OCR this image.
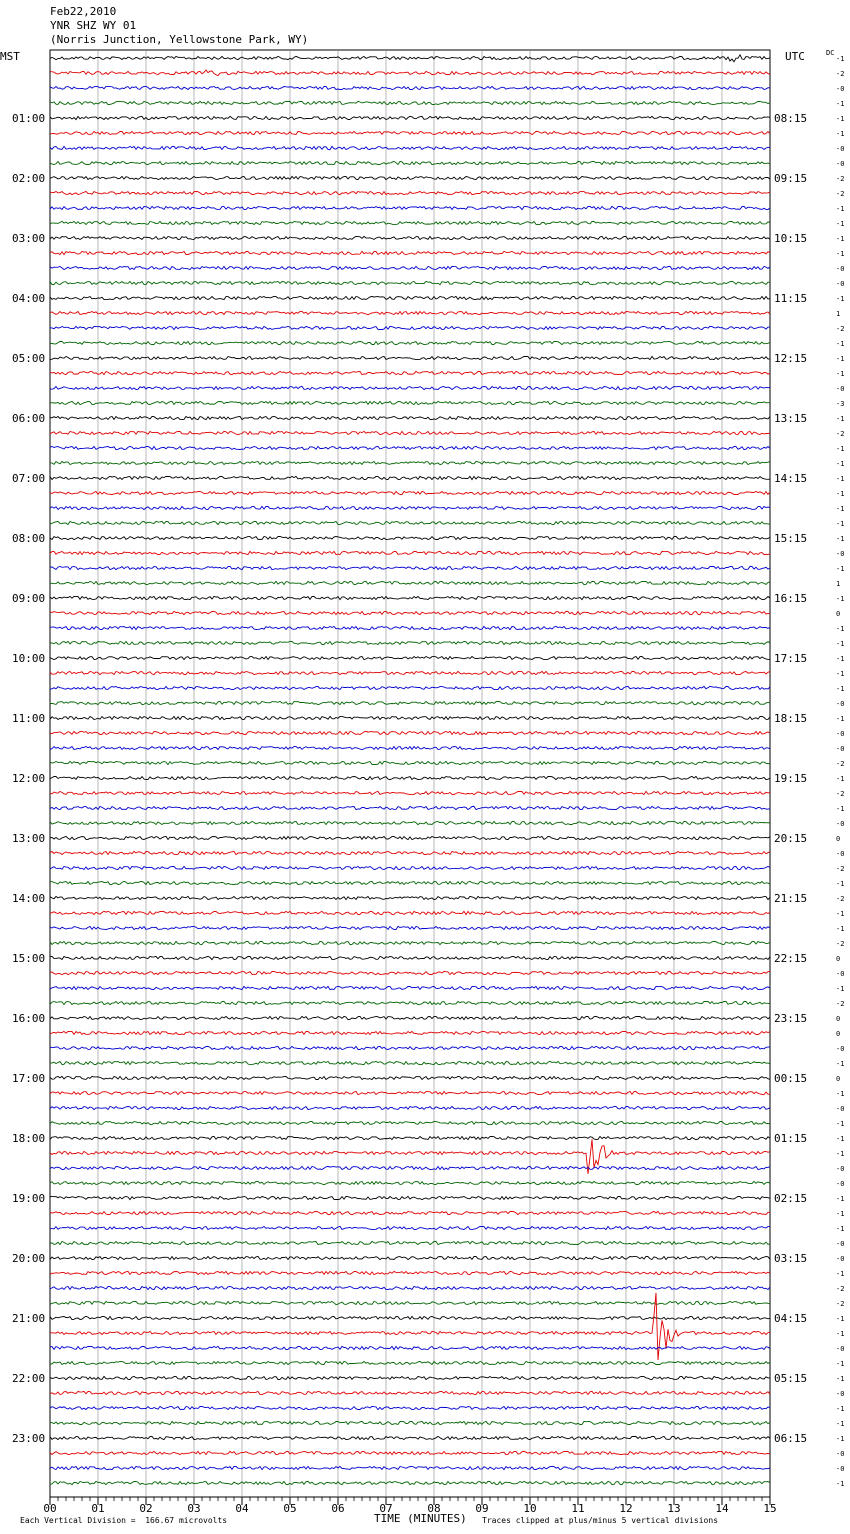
Feb22,2010
YNR SHZ WY 01
(Norris Junction, Yellowstone Park, WY)
MST	UTC	DC
-1
-2
-0
-1
-1
-1
-0
-0
-2
-2
-1
-1
-1
-1
-0
-0
-1
1
-2
-1
-1
-1
-0
-3
-1
-2
-1
-1
-1
-1
-1
-1
-1
-0
-1
1
-1
0
-1
-1
-1
-1
-1
-0
-1
-0
-0
-2
-1
-2
-1
-0
0
-0
-2
-1
-2
-1
-1
-2
0
-0
-1
-2
0
0
-0
-1
0
-1
-0
-1
-1
-1
-0
-0
-1
-1
-1
-0
-0
-1
-2
-2
-1
-1
-0
-1
-1
-0
-1
-1
-1
-0
-0
-1
01:00
02:00
03:00
04:00
05:00
06:00
07:00
08:00
09:00
10:00
11:00
12:00
13:00
14:00
15:00
16:00
17:00
18:00
19:00
20:00
21:00
22:00
23:00
08:15
09:15
10:15
11:15
12:15
13:15
14:15
15:15
16:15
17:15
18:15
19:15
20:15
21:15
22:15
23:15
00:15
01:15
02:15
03:15
04:15
05:15
06:15
00	01	02	03	04	05	06	07	08	09	10	11	12	13	14	15
TIME (MINUTES)
Each Vertical Division =  166.67 microvolts	Traces clipped at plus/minus 5 vertical divisions
